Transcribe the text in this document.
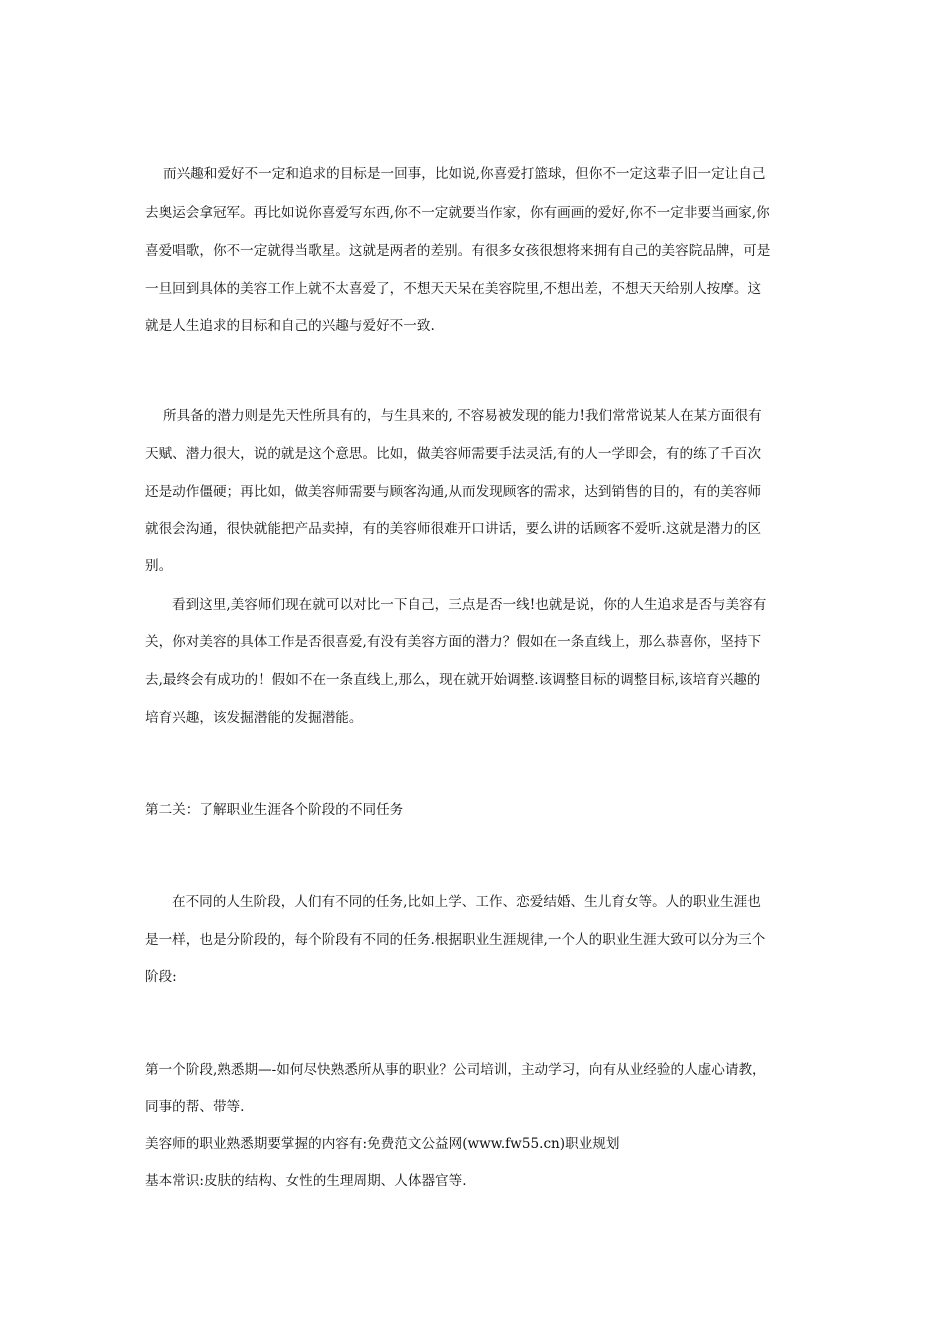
而兴趣和爱好不一定和追求的目标是一回事，比如说,你喜爱打篮球，但你不一定这辈子旧一定让自己
去奥运会拿冠军。再比如说你喜爱写东西,你不一定就要当作家，你有画画的爱好,你不一定非要当画家,你
喜爱唱歌，你不一定就得当歌星。这就是两者的差别。有很多女孩很想将来拥有自己的美容院品牌，可是
一旦回到具体的美容工作上就不太喜爱了，不想天天呆在美容院里,不想出差，不想天天给别人按摩。这
就是人生追求的目标和自己的兴趣与爱好不一致.
所具备的潜力则是先天性所具有的，与生具来的, 不容易被发现的能力!我们常常说某人在某方面很有
天赋、潜力很大，说的就是这个意思。比如，做美容师需要手法灵活,有的人一学即会，有的练了千百次
还是动作僵硬；再比如，做美容师需要与顾客沟通,从而发现顾客的需求，达到销售的目的，有的美容师
就很会沟通，很快就能把产品卖掉，有的美容师很难开口讲话，要么讲的话顾客不爱听.这就是潜力的区
别。
看到这里,美容师们现在就可以对比一下自己，三点是否一线!也就是说，你的人生追求是否与美容有
关，你对美容的具体工作是否很喜爱,有没有美容方面的潜力？假如在一条直线上，那么恭喜你，坚持下
去,最终会有成功的！假如不在一条直线上,那么，现在就开始调整.该调整目标的调整目标,该培育兴趣的
培育兴趣，该发掘潜能的发掘潜能。
第二关：了解职业生涯各个阶段的不同任务
在不同的人生阶段，人们有不同的任务,比如上学、工作、恋爱结婚、生儿育女等。人的职业生涯也
是一样，也是分阶段的，每个阶段有不同的任务.根据职业生涯规律,一个人的职业生涯大致可以分为三个
阶段:
第一个阶段,熟悉期—-如何尽快熟悉所从事的职业？公司培训，主动学习，向有从业经验的人虚心请教，
同事的帮、带等.
美容师的职业熟悉期要掌握的内容有:免费范文公益网(www.fw55.cn)职业规划
基本常识:皮肤的结构、女性的生理周期、人体器官等.
